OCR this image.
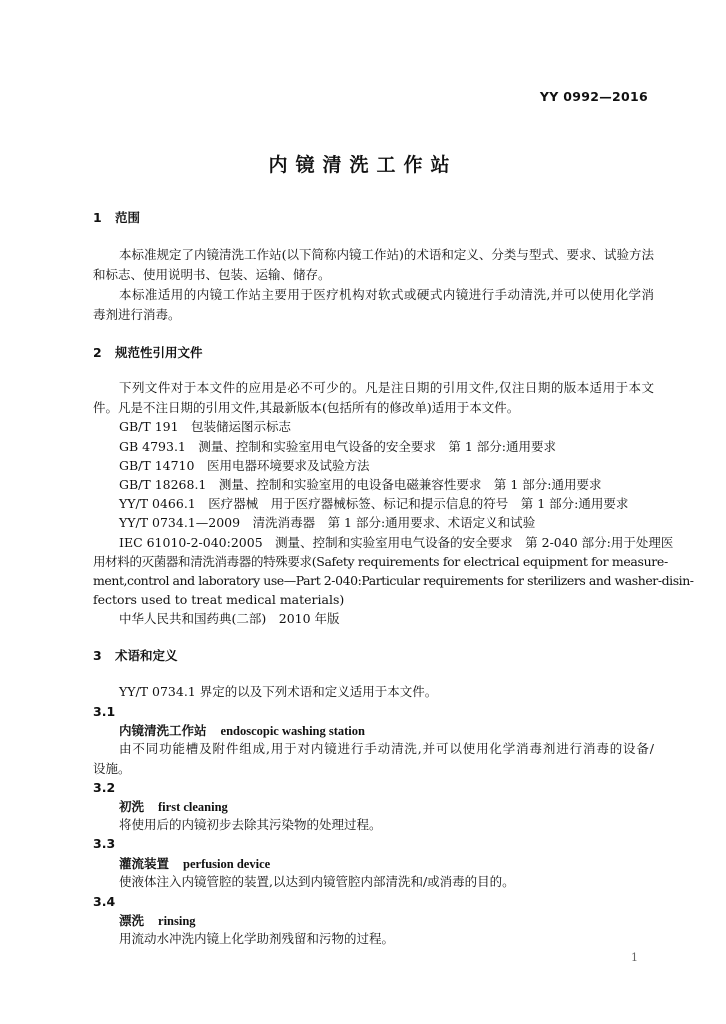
YY 0992—2016
内镜清洗工作站
1 范围
本标准规定了内镜清洗工作站(以下简称内镜工作站)的术语和定义、分类与型式、要求、试验方法
和标志、使用说明书、包装、运输、储存。
本标准适用的内镜工作站主要用于医疗机构对软式或硬式内镜进行手动清洗,并可以使用化学消
毒剂进行消毒。
2 规范性引用文件
下列文件对于本文件的应用是必不可少的。凡是注日期的引用文件,仅注日期的版本适用于本文
件。凡是不注日期的引用文件,其最新版本(包括所有的修改单)适用于本文件。
GB/T 191　包装储运图示标志
GB 4793.1　测量、控制和实验室用电气设备的安全要求　第 1 部分:通用要求
GB/T 14710　医用电器环境要求及试验方法
GB/T 18268.1　测量、控制和实验室用的电设备电磁兼容性要求　第 1 部分:通用要求
YY/T 0466.1　医疗器械　用于医疗器械标签、标记和提示信息的符号　第 1 部分:通用要求
YY/T 0734.1—2009　清洗消毒器　第 1 部分:通用要求、术语定义和试验
IEC 61010-2-040:2005　测量、控制和实验室用电气设备的安全要求　第 2-040 部分:用于处理医
用材料的灭菌器和清洗消毒器的特殊要求(Safety requirements for electrical equipment for measure-
ment,control and laboratory use—Part 2-040:Particular requirements for sterilizers and washer-disin-
fectors used to treat medical materials)
中华人民共和国药典(二部)　2010 年版
3 术语和定义
YY/T 0734.1 界定的以及下列术语和定义适用于本文件。
3.1
内镜清洗工作站 endoscopic washing station
由不同功能槽及附件组成,用于对内镜进行手动清洗,并可以使用化学消毒剂进行消毒的设备/
设施。
3.2
初洗 first cleaning
将使用后的内镜初步去除其污染物的处理过程。
3.3
灌流装置 perfusion device
使液体注入内镜管腔的装置,以达到内镜管腔内部清洗和/或消毒的目的。
3.4
漂洗 rinsing
用流动水冲洗内镜上化学助剂残留和污物的过程。
1
